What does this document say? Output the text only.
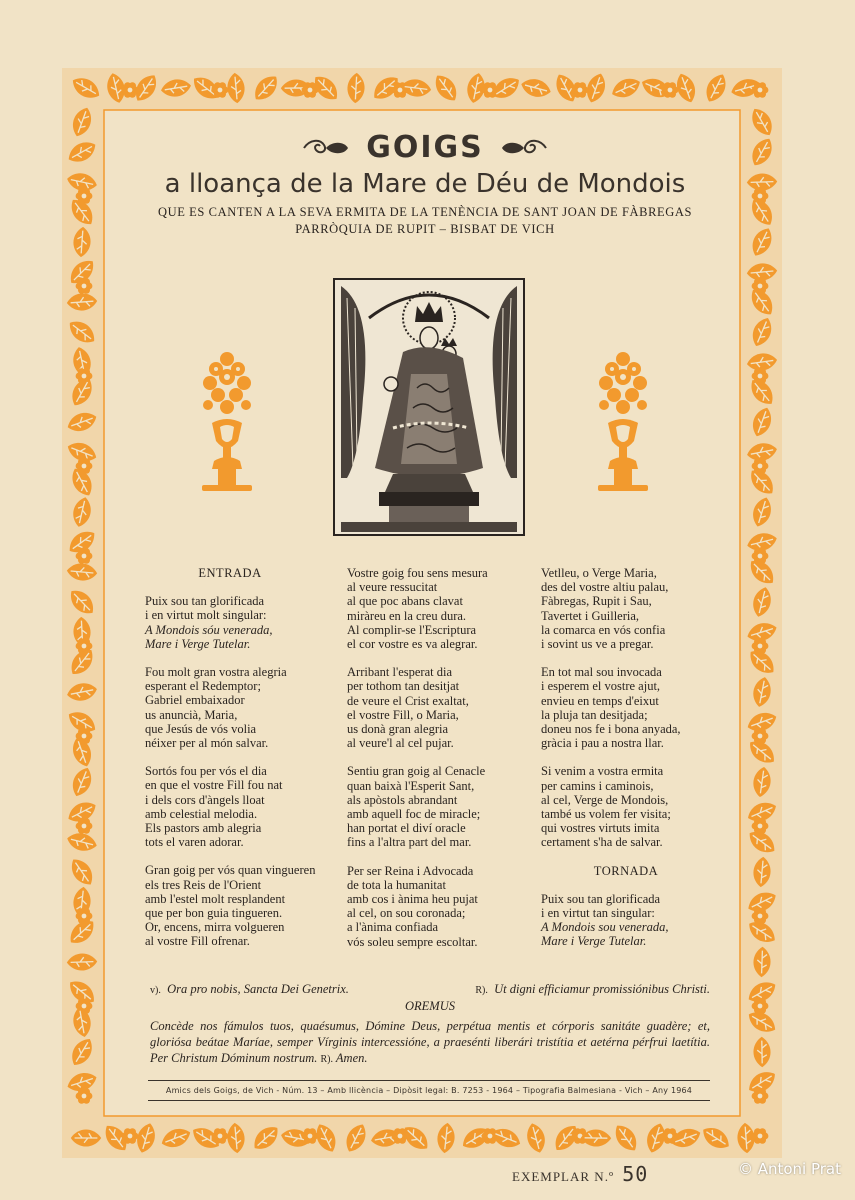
GOIGS
a lloança de la Mare de Déu de Mondois
QUE ES CANTEN A LA SEVA ERMITA DE LA TENÈNCIA DE SANT JOAN DE FÀBREGAS
PARRÒQUIA DE RUPIT – BISBAT DE VICH

ENTRADA

Puix sou tan glorificada
i en virtut molt singular:
A Mondois sóu venerada,
Mare i Verge Tutelar.

Fou molt gran vostra alegria
esperant el Redemptor;
Gabriel embaixador
us anuncià, Maria,
que Jesús de vós volia
néixer per al món salvar.

Sortós fou per vós el dia
en que el vostre Fill fou nat
i dels cors d'àngels lloat
amb celestial melodia.
Els pastors amb alegria
tots el varen adorar.

Gran goig per vós quan vingueren
els tres Reis de l'Orient
amb l'estel molt resplandent
que per bon guia tingueren.
Or, encens, mirra volgueren
al vostre Fill ofrenar.

Vostre goig fou sens mesura
al veure ressucitat
al que poc abans clavat
miràreu en la creu dura.
Al complir-se l'Escriptura
el cor vostre es va alegrar.

Arribant l'esperat dia
per tothom tan desitjat
de veure el Crist exaltat,
el vostre Fill, o Maria,
us donà gran alegria
al veure'l al cel pujar.

Sentiu gran goig al Cenacle
quan baixà l'Esperit Sant,
als apòstols abrandant
amb aquell foc de miracle;
han portat el diví oracle
fins a l'altra part del mar.

Per ser Reina i Advocada
de tota la humanitat
amb cos i ànima heu pujat
al cel, on sou coronada;
a l'ànima confiada
vós soleu sempre escoltar.

Vetlleu, o Verge Maria,
des del vostre altiu palau,
Fàbregas, Rupit i Sau,
Tavertet i Guilleria,
la comarca en vós confia
i sovint us ve a pregar.

En tot mal sou invocada
i esperem el vostre ajut,
envieu en temps d'eixut
la pluja tan desitjada;
doneu nos fe i bona anyada,
gràcia i pau a nostra llar.

Si venim a vostra ermita
per camins i caminois,
al cel, Verge de Mondois,
també us volem fer visita;
qui vostres virtuts imita
certament s'ha de salvar.

TORNADA

Puix sou tan glorificada
i en virtut tan singular:
A Mondois sou venerada,
Mare i Verge Tutelar.

v). Ora pro nobis, Sancta Dei Genetrix.	R). Ut digni efficiamur promissiónibus Christi.
OREMUS
Concède nos fámulos tuos, quaésumus, Dómine Deus, perpétua mentis et córporis sanitáte guadère; et, gloriósa beátae Maríae, semper Vírginis intercessióne, a praesénti liberári tristítia et aetérna pérfrui laetítia. Per Christum Dóminum nostrum. R). Amen.
Amics dels Goigs, de Vich - Núm. 13 – Amb llicència – Dipòsit legal: B. 7253 - 1964 – Tipografia Balmesiana - Vich – Any 1964
EXEMPLAR N.º 50	© Antoni Prat
